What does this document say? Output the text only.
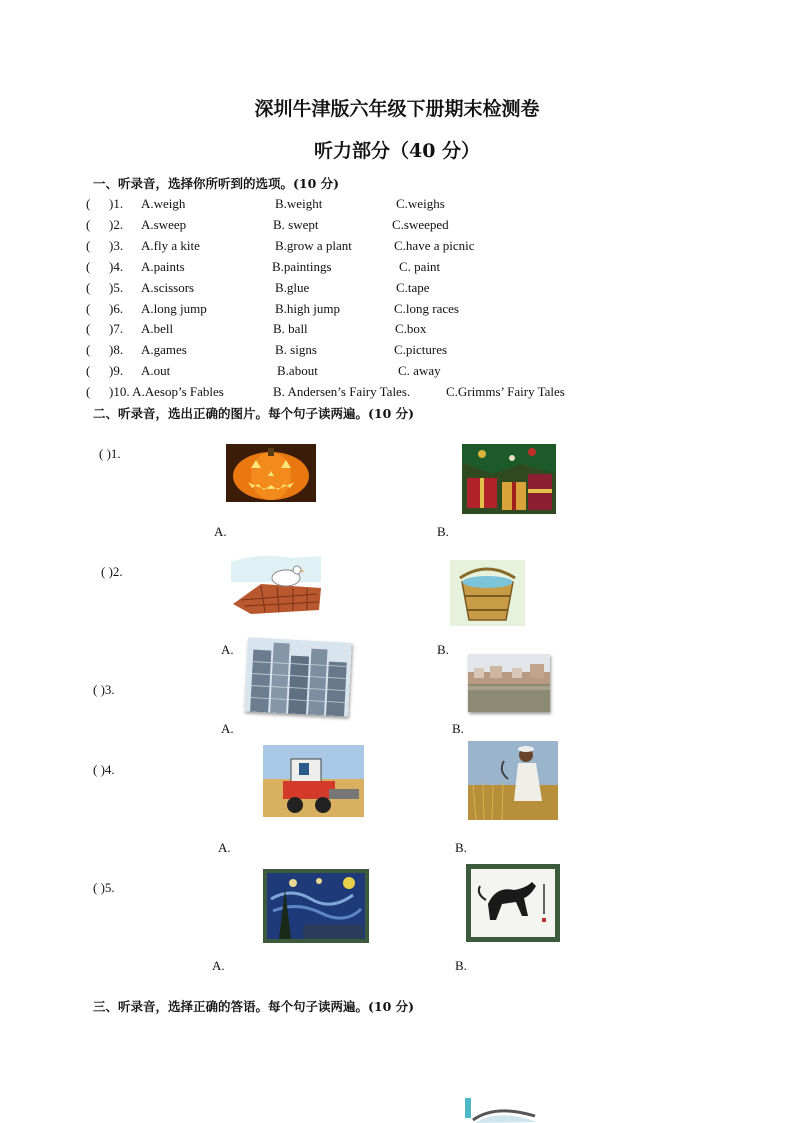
深圳牛津版六年级下册期末检测卷
听力部分（40 分）
一、听录音，选择你所听到的选项。(10 分)
( )1. A.weigh	B.weight	C.weighs
( )2. A.sweep	B. swept	C.sweeped
( )3. A.fly a kite	B.grow a plant	C.have a picnic
( )4. A.paints	B.paintings	C. paint
( )5. A.scissors	B.glue	C.tape
( )6. A.long jump	B.high jump	C.long races
( )7. A.bell	B. ball	C.box
( )8. A.games	B. signs	C.pictures
( )9. A.out	B.about	C. away
( )10. A.Aesop’s Fables	B. Andersen’s Fairy Tales.	C.Grimms’ Fairy Tales
二、听录音，选出正确的图片。每个句子读两遍。(10 分)
( )1.
( )2.
( )3.
( )4.
( )5.
A.	B.
A.	B.
A.	B.
A.	B.
A.	B.
三、听录音，选择正确的答语。每个句子读两遍。(10 分)
